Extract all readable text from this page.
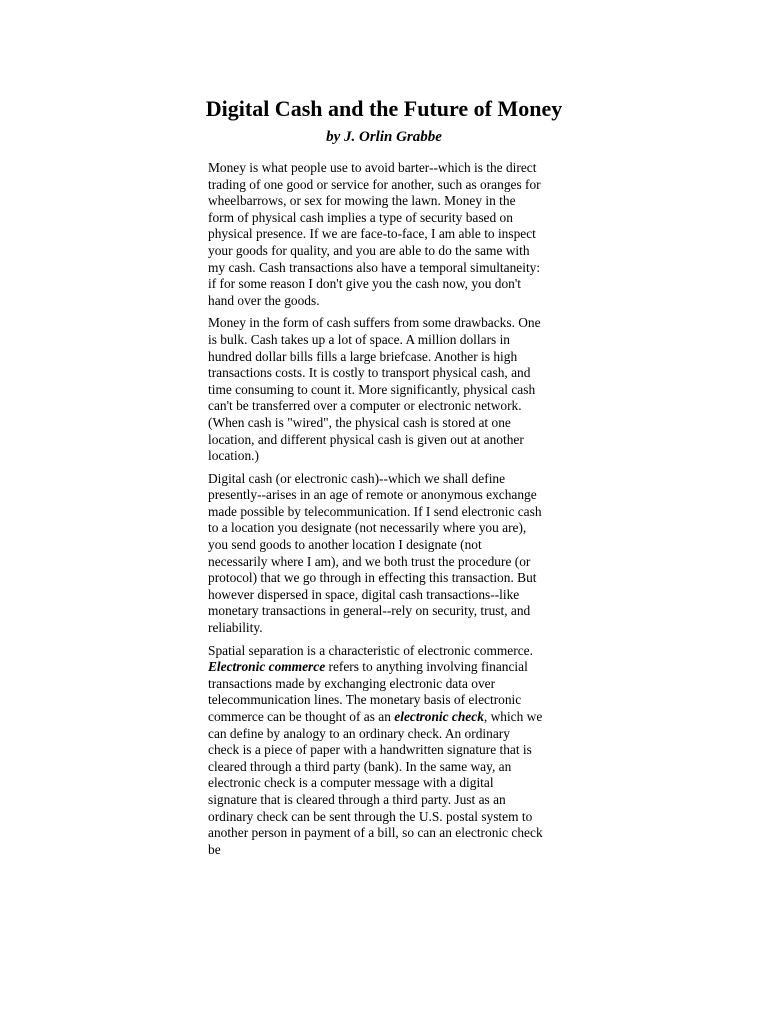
Digital Cash and the Future of Money
by J. Orlin Grabbe

Money is what people use to avoid barter--which is the direct trading of one good or service for another, such as oranges for wheelbarrows, or sex for mowing the lawn. Money in the form of physical cash implies a type of security based on physical presence. If we are face-to-face, I am able to inspect your goods for quality, and you are able to do the same with my cash. Cash transactions also have a temporal simultaneity: if for some reason I don't give you the cash now, you don't hand over the goods.

Money in the form of cash suffers from some drawbacks. One is bulk. Cash takes up a lot of space. A million dollars in hundred dollar bills fills a large briefcase. Another is high transactions costs. It is costly to transport physical cash, and time consuming to count it. More significantly, physical cash can't be transferred over a computer or electronic network. (When cash is "wired", the physical cash is stored at one location, and different physical cash is given out at another location.)

Digital cash (or electronic cash)--which we shall define presently--arises in an age of remote or anonymous exchange made possible by telecommunication. If I send electronic cash to a location you designate (not necessarily where you are), you send goods to another location I designate (not necessarily where I am), and we both trust the procedure (or protocol) that we go through in effecting this transaction. But however dispersed in space, digital cash transactions--like monetary transactions in general--rely on security, trust, and reliability.

Spatial separation is a characteristic of electronic commerce. Electronic commerce refers to anything involving financial transactions made by exchanging electronic data over telecommunication lines. The monetary basis of electronic commerce can be thought of as an electronic check, which we can define by analogy to an ordinary check. An ordinary check is a piece of paper with a handwritten signature that is cleared through a third party (bank). In the same way, an electronic check is a computer message with a digital signature that is cleared through a third party. Just as an ordinary check can be sent through the U.S. postal system to another person in payment of a bill, so can an electronic check be
